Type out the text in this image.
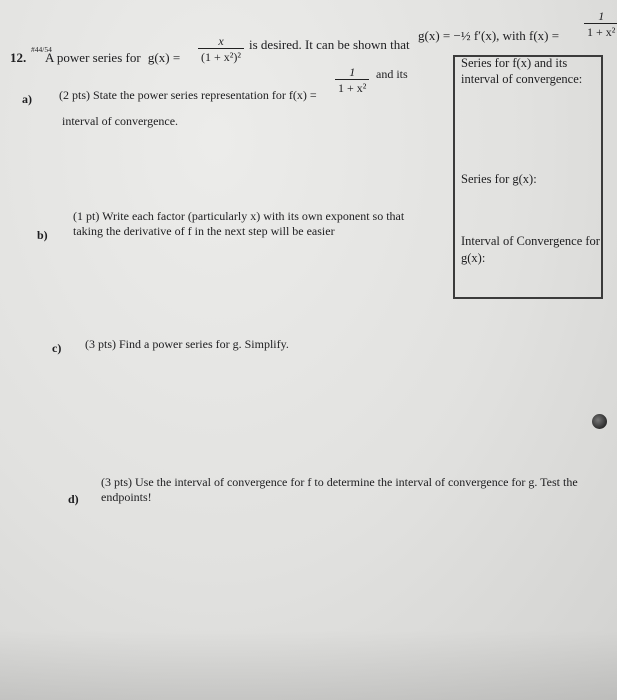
12.
#44/54
A power series for $g(x) = \frac{x}{\text{(1 + x²)²}}$ is desired. It can be shown that
g(x) = −½ f′(x), with $f(x) = \frac{1}{\text{1 + x²}}$
a) (2 pts) State the power series representation for $f(x) = \frac{1}{\text{1 + x²}}$ and its
interval of convergence.
Series for f(x) and its interval of convergence:
Series for g(x):
Interval of Convergence for g(x):
b)
(1 pt) Write each factor (particularly x) with its own exponent so that
taking the derivative of f in the next step will be easier
c) (3 pts) Find a power series for g. Simplify.
d)
(3 pts) Use the interval of convergence for f to determine the interval of convergence for g. Test the
endpoints!
